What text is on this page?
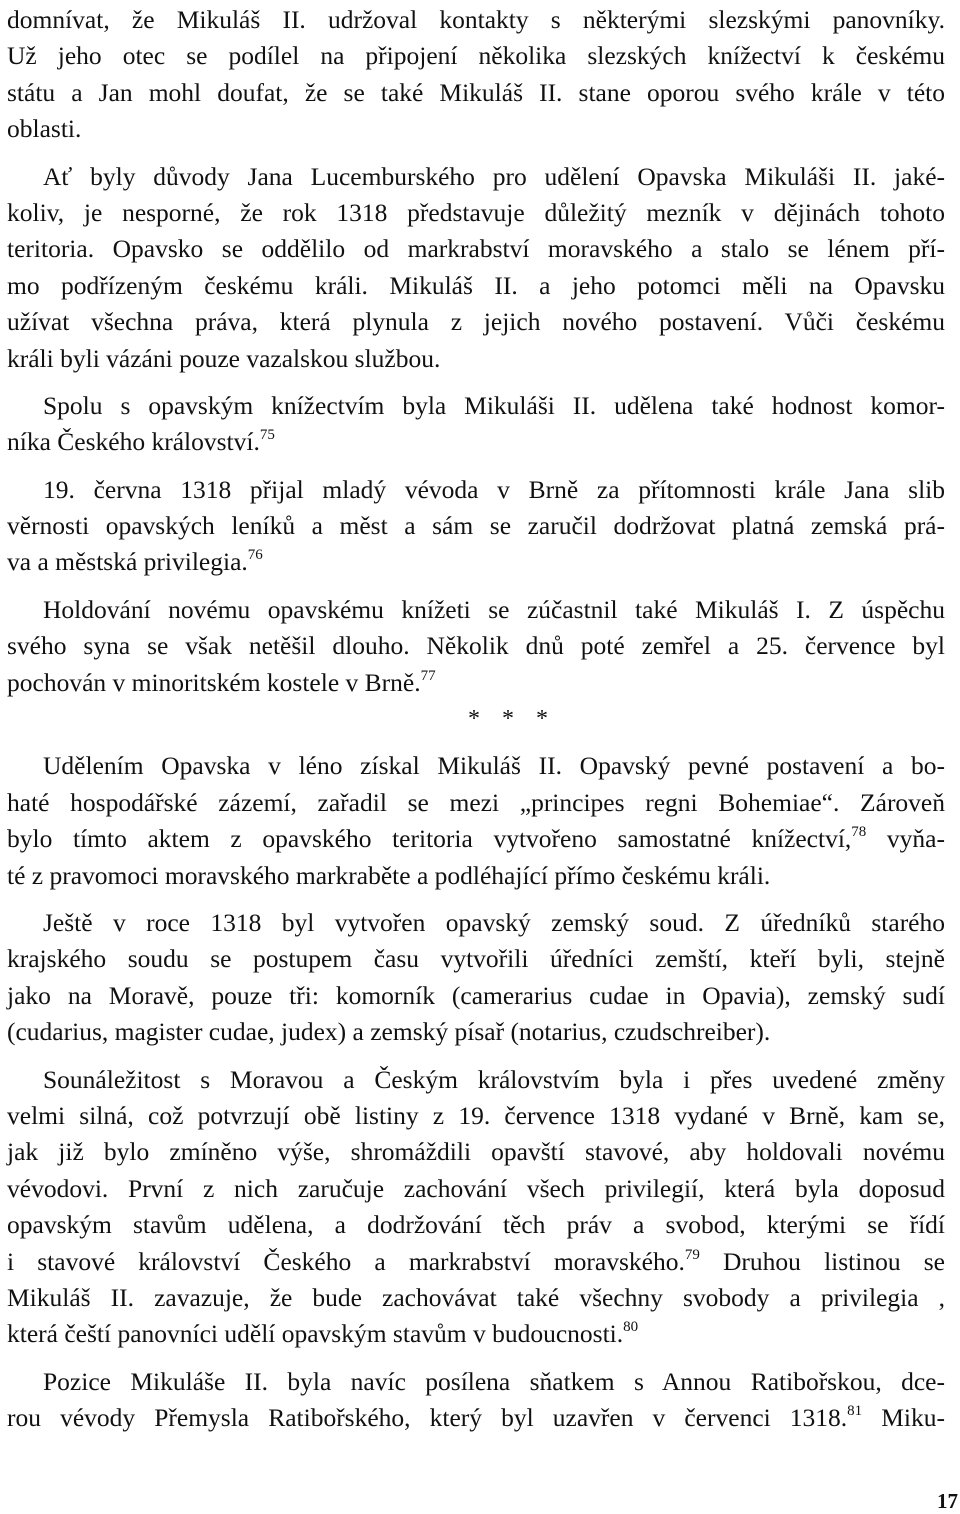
domnívat, že Mikuláš II. udržoval kontakty s některými slezskými panovníky.
Už jeho otec se podílel na připojení několika slezských knížectví k českému
státu a Jan mohl doufat, že se také Mikuláš II. stane oporou svého krále v této
oblasti.
Ať byly důvody Jana Lucemburského pro udělení Opavska Mikuláši II. jaké-
koliv, je nesporné, že rok 1318 představuje důležitý mezník v dějinách tohoto
teritoria. Opavsko se oddělilo od markrabství moravského a stalo se lénem pří-
mo podřízeným českému králi. Mikuláš II. a jeho potomci měli na Opavsku
užívat všechna práva, která plynula z jejich nového postavení. Vůči českému
králi byli vázáni pouze vazalskou službou.
Spolu s opavským knížectvím byla Mikuláši II. udělena také hodnost komor-
níka Českého království.$^{75}$
19. června 1318 přijal mladý vévoda v Brně za přítomnosti krále Jana slib
věrnosti opavských leníků a měst a sám se zaručil dodržovat platná zemská prá-
va a městská privilegia.$^{76}$
Holdování novému opavskému knížeti se zúčastnil také Mikuláš I. Z úspěchu
svého syna se však netěšil dlouho. Několik dnů poté zemřel a 25. července byl
pochován v minoritském kostele v Brně.$^{77}$
* * *
Udělením Opavska v léno získal Mikuláš II. Opavský pevné postavení a bo-
haté hospodářské zázemí, zařadil se mezi „principes regni Bohemiae“. Zároveň
bylo tímto aktem z opavského teritoria vytvořeno samostatné knížectví,$^{78}$ vyňa-
té z pravomoci moravského markraběte a podléhající přímo českému králi.
Ještě v roce 1318 byl vytvořen opavský zemský soud. Z úředníků starého
krajského soudu se postupem času vytvořili úředníci zemští, kteří byli, stejně
jako na Moravě, pouze tři: komorník (camerarius cudae in Opavia), zemský sudí
(cudarius, magister cudae, judex) a zemský písař (notarius, czudschreiber).
Sounáležitost s Moravou a Českým královstvím byla i přes uvedené změny
velmi silná, což potvrzují obě listiny z 19. července 1318 vydané v Brně, kam se,
jak již bylo zmíněno výše, shromáždili opavští stavové, aby holdovali novému
vévodovi. První z nich zaručuje zachování všech privilegií, která byla doposud
opavským stavům udělena, a dodržování těch práv a svobod, kterými se řídí
i stavové království Českého a markrabství moravského.$^{79}$ Druhou listinou se
Mikuláš II. zavazuje, že bude zachovávat také všechny svobody a privilegia ,
která čeští panovníci udělí opavským stavům v budoucnosti.$^{80}$
Pozice Mikuláše II. byla navíc posílena sňatkem s Annou Ratibořskou, dce-
rou vévody Přemysla Ratibořského, který byl uzavřen v červenci 1318.81 Miku-
17
